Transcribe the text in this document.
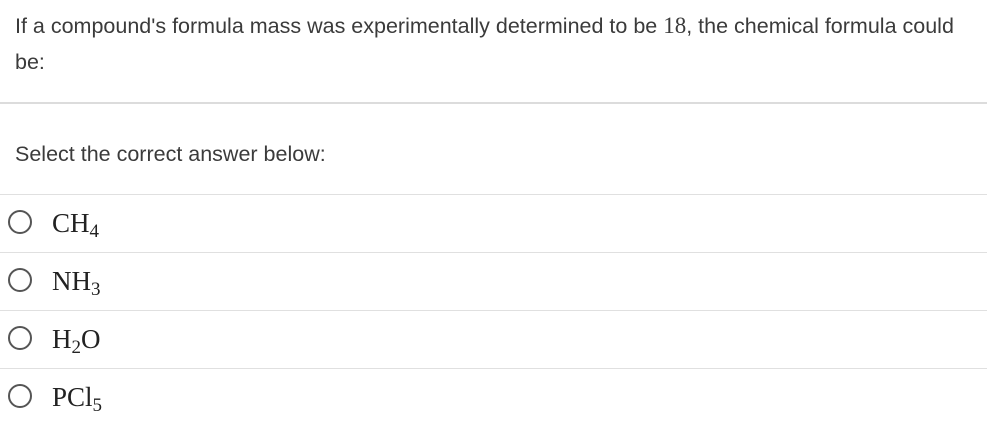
If a compound's formula mass was experimentally determined to be 18, the chemical formula could be:
Select the correct answer below:
$CH_4$
$NH_3$
$H_2O$
PCl$_5$
